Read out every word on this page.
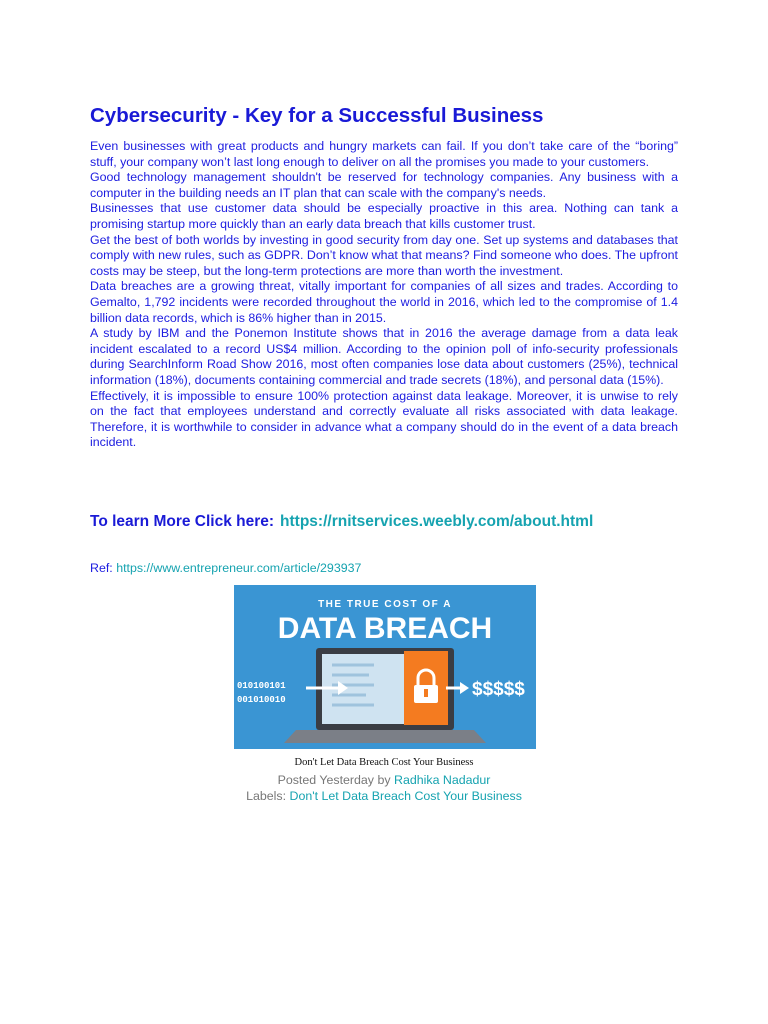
Cybersecurity - Key for a Successful Business

Even businesses with great products and hungry markets can fail. If you don’t take care of the “boring” stuff, your company won’t last long enough to deliver on all the promises you made to your customers.

Good technology management shouldn't be reserved for technology companies. Any business with a computer in the building needs an IT plan that can scale with the company's needs.

Businesses that use customer data should be especially proactive in this area. Nothing can tank a promising startup more quickly than an early data breach that kills customer trust.

Get the best of both worlds by investing in good security from day one. Set up systems and databases that comply with new rules, such as GDPR. Don’t know what that means? Find someone who does. The upfront costs may be steep, but the long-term protections are more than worth the investment.

Data breaches are a growing threat, vitally important for companies of all sizes and trades. According to Gemalto, 1,792 incidents were recorded throughout the world in 2016, which led to the compromise of 1.4 billion data records, which is 86% higher than in 2015.

A study by IBM and the Ponemon Institute shows that in 2016 the average damage from a data leak incident escalated to a record US$4 million. According to the opinion poll of info-security professionals during SearchInform Road Show 2016, most often companies lose data about customers (25%), technical information (18%), documents containing commercial and trade secrets (18%), and personal data (15%).

Effectively, it is impossible to ensure 100% protection against data leakage. Moreover, it is unwise to rely on the fact that employees understand and correctly evaluate all risks associated with data leakage. Therefore, it is worthwhile to consider in advance what a company should do in the event of a data breach incident.

To learn More Click here: https://rnitservices.weebly.com/about.html
Ref: https://www.entrepreneur.com/article/293937
THE TRUE COST OF A
DATA BREACH
010100101
001010010	$$$$$
Don't Let Data Breach Cost Your Business
Posted Yesterday by Radhika Nadadur
Labels: Don't Let Data Breach Cost Your Business
